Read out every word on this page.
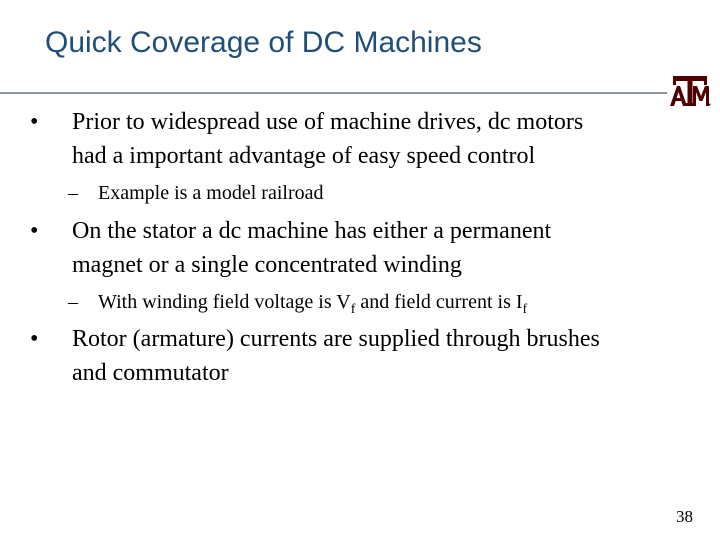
Quick Coverage of DC Machines
• Prior to widespread use of machine drives, dc motors
had a important advantage of easy speed control
– Example is a model railroad
• On the stator a dc machine has either a permanent
magnet or a single concentrated winding
– With winding field voltage is $V_f$ and field current is $I_f$
• Rotor (armature) currents are supplied through brushes
and commutator
38
